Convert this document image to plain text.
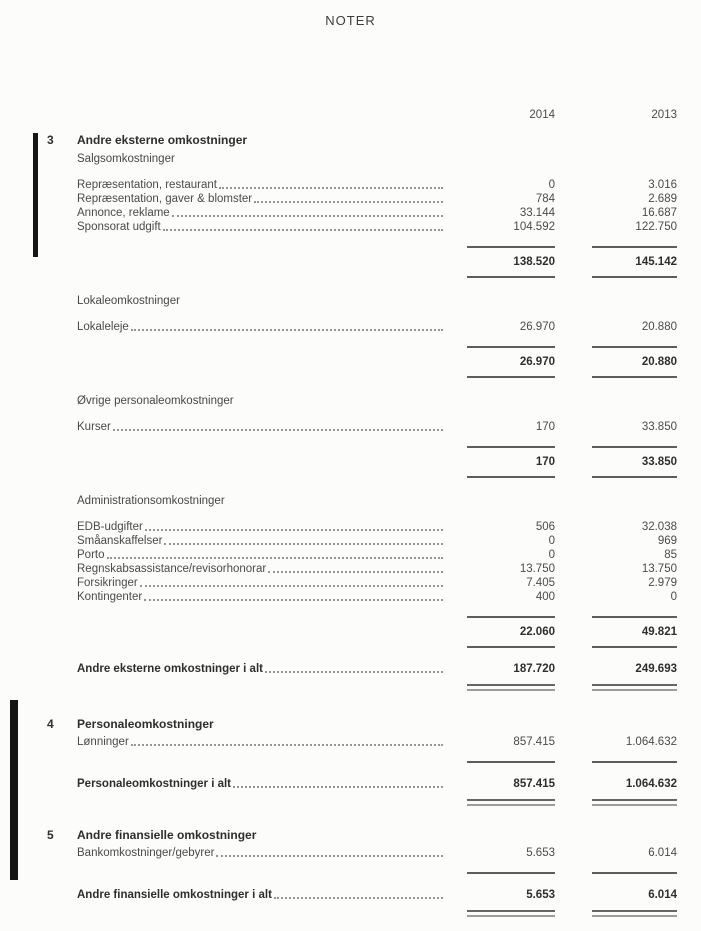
NOTER
2014	2013
3 Andre eksterne omkostninger
Salgsomkostninger
Repræsentation, restaurant	0	3.016
Repræsentation, gaver & blomster	784	2.689
Annonce, reklame	33.144	16.687
Sponsorat udgift	104.592	122.750
138.520	145.142
Lokaleomkostninger
Lokaleleje	26.970	20.880
26.970	20.880
Øvrige personaleomkostninger
Kurser	170	33.850
170	33.850
Administrationsomkostninger
EDB-udgifter	506	32.038
Småanskaffelser	0	969
Porto	0	85
Regnskabsassistance/revisorhonorar	13.750	13.750
Forsikringer	7.405	2.979
Kontingenter	400	0
22.060	49.821
Andre eksterne omkostninger i alt	187.720	249.693
4 Personaleomkostninger
Lønninger	857.415	1.064.632
Personaleomkostninger i alt	857.415	1.064.632
5 Andre finansielle omkostninger
Bankomkostninger/gebyrer	5.653	6.014
Andre finansielle omkostninger i alt	5.653	6.014
